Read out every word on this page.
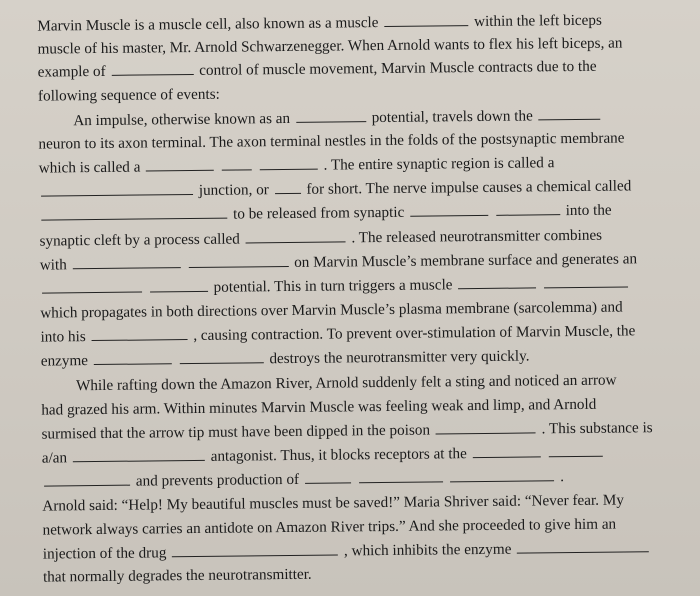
Marvin Muscle is a muscle cell, also known as a muscle	within the left biceps
muscle of his master, Mr. Arnold Schwarzenegger. When Arnold wants to flex his left biceps, an
example of	control of muscle movement, Marvin Muscle contracts due to the
following sequence of events:
An impulse, otherwise known as an	potential, travels down the
neuron to its axon terminal. The axon terminal nestles in the folds of the postsynaptic membrane
which is called a	. The entire synaptic region is called a
junction, or for short. The nerve impulse causes a chemical called
to be released from synaptic	into the
synaptic cleft by a process called	. The released neurotransmitter combines
with	on Marvin Muscle’s membrane surface and generates an
potential. This in turn triggers a muscle
which propagates in both directions over Marvin Muscle’s plasma membrane (sarcolemma) and
into his	, causing contraction. To prevent over-stimulation of Marvin Muscle, the
enzyme	destroys the neurotransmitter very quickly.
While rafting down the Amazon River, Arnold suddenly felt a sting and noticed an arrow
had grazed his arm. Within minutes Marvin Muscle was feeling weak and limp, and Arnold
surmised that the arrow tip must have been dipped in the poison	. This substance is
a/an	antagonist. Thus, it blocks receptors at the
and prevents production of	.
Arnold said: “Help! My beautiful muscles must be saved!” Maria Shriver said: “Never fear. My
network always carries an antidote on Amazon River trips.” And she proceeded to give him an
injection of the drug	, which inhibits the enzyme
that normally degrades the neurotransmitter.
